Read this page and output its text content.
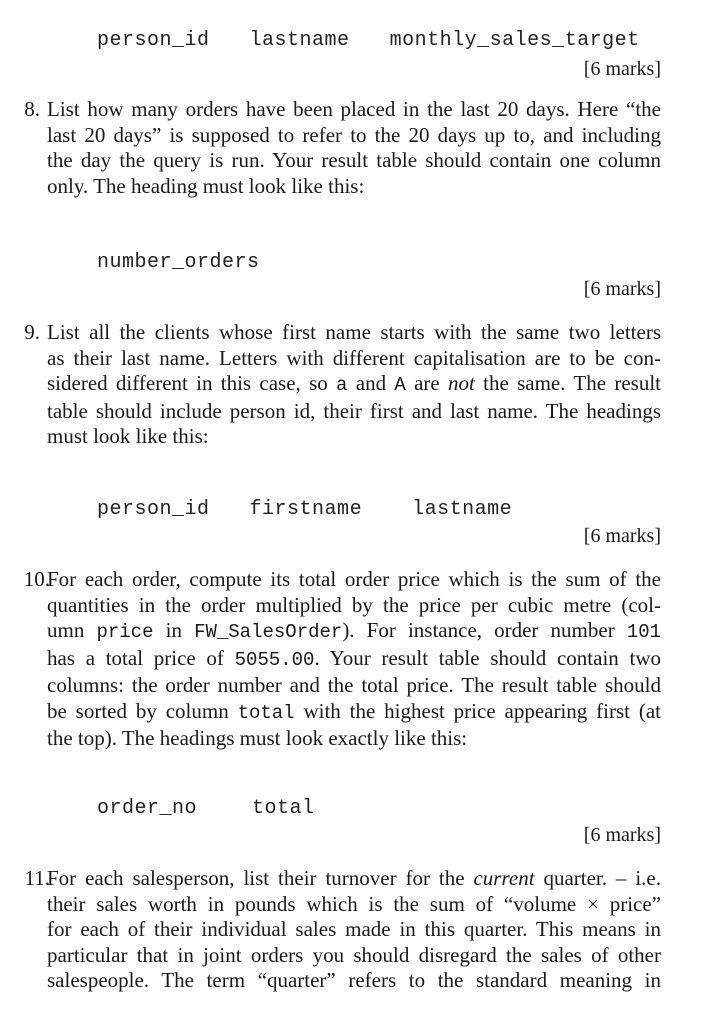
person_id lastname monthly_sales_target

[6 marks]
8. List how many orders have been placed in the last 20 days. Here “the
last 20 days” is supposed to refer to the 20 days up to, and including
the day the query is run. Your result table should contain one column
only. The heading must look like this:

number_orders

[6 marks]
9. List all the clients whose first name starts with the same two letters
as their last name. Letters with different capitalisation are to be con-
sidered different in this case, so a and A are not the same. The result
table should include person id, their first and last name. The headings
must look like this:

person_id firstname	lastname

[6 marks]
10.
For each order, compute its total order price which is the sum of the
quantities in the order multiplied by the price per cubic metre (col-
umn price in FW_SalesOrder). For instance, order number 101
has a total price of 5055.00. Your result table should contain two
columns: the order number and the total price. The result table should
be sorted by column total with the highest price appearing first (at
the top). The headings must look exactly like this:

order_no	total

[6 marks]
11.
For each salesperson, list their turnover for the current quarter. – i.e.
their sales worth in pounds which is the sum of “volume × price”
for each of their individual sales made in this quarter. This means in
particular that in joint orders you should disregard the sales of other
salespeople. The term “quarter” refers to the standard meaning in
